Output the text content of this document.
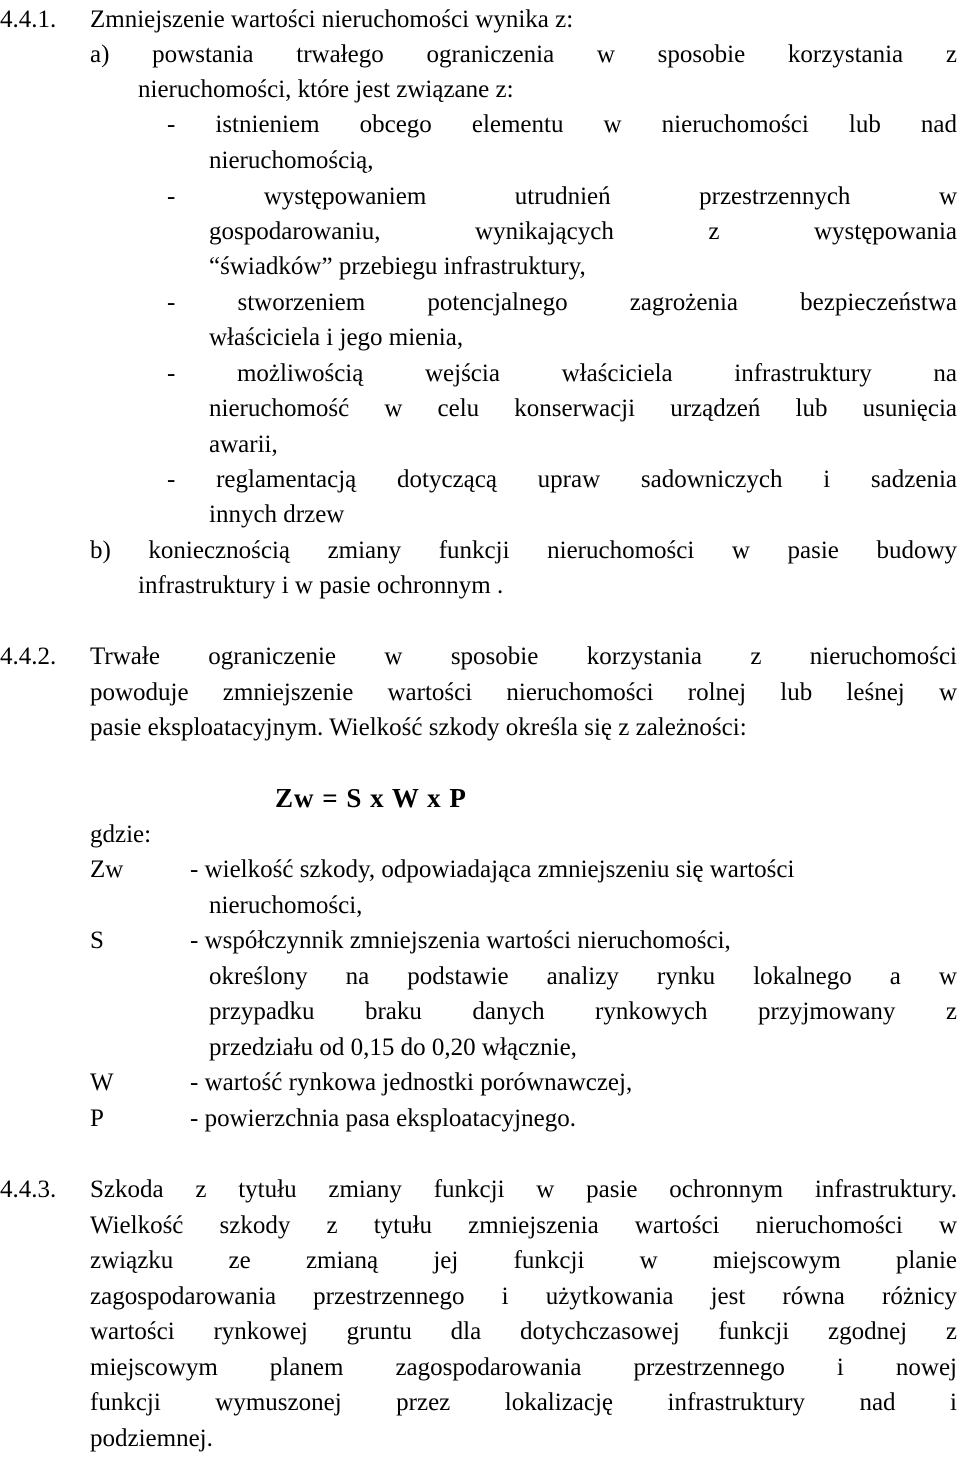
4.4.1. Zmniejszenie wartości nieruchomości wynika z:
a) powstania trwałego ograniczenia w sposobie korzystania z
nieruchomości, które jest związane z:
- istnieniem obcego elementu w nieruchomości lub nad
nieruchomością,
- występowaniem utrudnień przestrzennych w
gospodarowaniu, wynikających z występowania
“świadków” przebiegu infrastruktury,
- stworzeniem potencjalnego zagrożenia bezpieczeństwa
właściciela i jego mienia,
- możliwością wejścia właściciela infrastruktury na
nieruchomość w celu konserwacji urządzeń lub usunięcia
awarii,
- reglamentacją dotyczącą upraw sadowniczych i sadzenia
innych drzew
b) koniecznością zmiany funkcji nieruchomości w pasie budowy
infrastruktury i w pasie ochronnym .
4.4.2. Trwałe ograniczenie w sposobie korzystania z nieruchomości
powoduje zmniejszenie wartości nieruchomości rolnej lub leśnej w
pasie eksploatacyjnym. Wielkość szkody określa się z zależności:
Zw = S x W x P
gdzie:
Zw	- wielkość szkody, odpowiadająca zmniejszeniu się wartości
nieruchomości,
S	- współczynnik zmniejszenia wartości nieruchomości,
określony na podstawie analizy rynku lokalnego a w
przypadku braku danych rynkowych przyjmowany z
przedziału od 0,15 do 0,20 włącznie,
W	- wartość rynkowa jednostki porównawczej,
P	- powierzchnia pasa eksploatacyjnego.
4.4.3. Szkoda z tytułu zmiany funkcji w pasie ochronnym infrastruktury.
Wielkość szkody z tytułu zmniejszenia wartości nieruchomości w
związku ze zmianą jej funkcji w miejscowym planie
zagospodarowania przestrzennego i użytkowania jest równa różnicy
wartości rynkowej gruntu dla dotychczasowej funkcji zgodnej z
miejscowym planem zagospodarowania przestrzennego i nowej
funkcji wymuszonej przez lokalizację infrastruktury nad i
podziemnej.
